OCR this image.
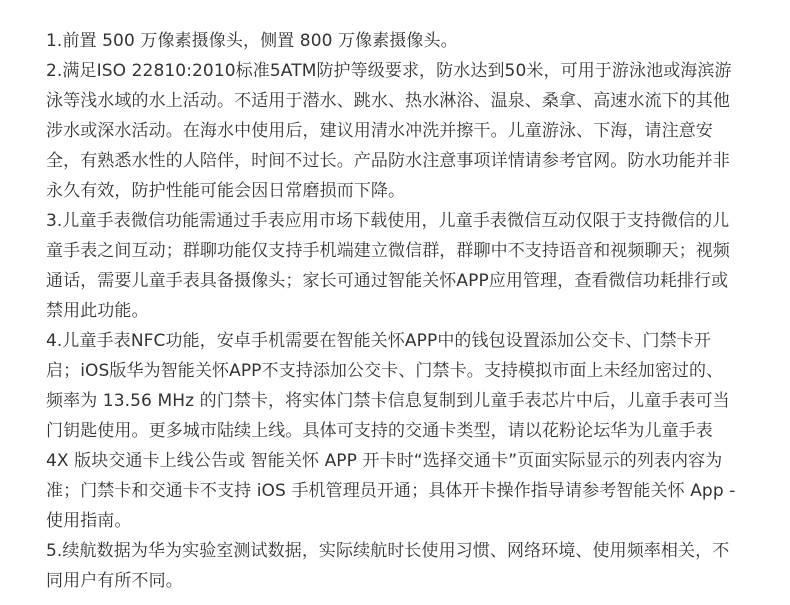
1.前置 500 万像素摄像头，侧置 800 万像素摄像头。
2.满足ISO 22810:2010标准5ATM防护等级要求，防水达到50米，可用于游泳池或海滨游
泳等浅水域的水上活动。不适用于潜水、跳水、热水淋浴、温泉、桑拿、高速水流下的其他
涉水或深水活动。在海水中使用后，建议用清水冲洗并擦干。儿童游泳、下海，请注意安
全，有熟悉水性的人陪伴，时间不过长。产品防水注意事项详情请参考官网。防水功能并非
永久有效，防护性能可能会因日常磨损而下降。
3.儿童手表微信功能需通过手表应用市场下载使用，儿童手表微信互动仅限于支持微信的儿
童手表之间互动；群聊功能仅支持手机端建立微信群，群聊中不支持语音和视频聊天；视频
通话，需要儿童手表具备摄像头；家长可通过智能关怀APP应用管理，查看微信功耗排行或
禁用此功能。
4.儿童手表NFC功能，安卓手机需要在智能关怀APP中的钱包设置添加公交卡、门禁卡开
启；iOS版华为智能关怀APP不支持添加公交卡、门禁卡。支持模拟市面上未经加密过的、
频率为 13.56 MHz 的门禁卡，将实体门禁卡信息复制到儿童手表芯片中后，儿童手表可当
门钥匙使用。更多城市陆续上线。具体可支持的交通卡类型，请以花粉论坛华为儿童手表
4X 版块交通卡上线公告或 智能关怀 APP 开卡时“选择交通卡”页面实际显示的列表内容为
准；门禁卡和交通卡不支持 iOS 手机管理员开通；具体开卡操作指导请参考智能关怀 App -
使用指南。
5.续航数据为华为实验室测试数据，实际续航时长使用习惯、网络环境、使用频率相关，不
同用户有所不同。
